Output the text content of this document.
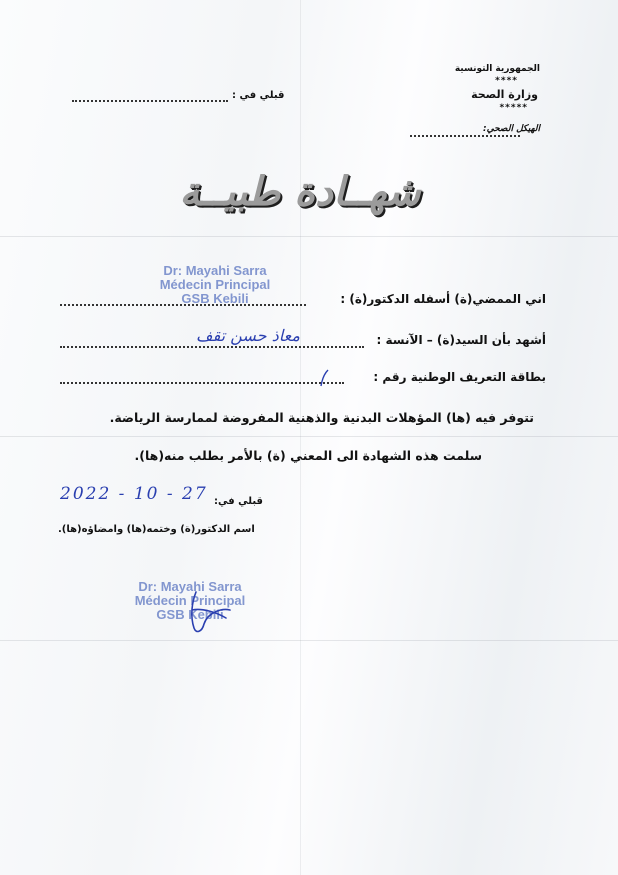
الجمهورية التونسية
****
وزارة الصحة
*****
الهيكل الصحي:
قبلي في :
شهــادة طبيــة
Dr: Mayahi Sarra
Médecin Principal
GSB Kebili	اني الممضي(ة) أسفله الدكتور(ة) :
أشهد بأن السيد(ة) – الآنسة :
معاذ حسن تقف
بطاقة التعريف الوطنية رقم :
تتوفر فيه (ها) المؤهلات البدنية والذهنية المفروضة لممارسة الرياضة.
سلمت هذه الشهادة الى المعني (ة) بالأمر بطلب منه(ها).
2022 - 10 - 27 قبلي في:
اسم الدكتور(ة) وختمه(ها) وامضاؤه(ها).
Dr: Mayahi Sarra
Médecin Principal
GSB Kebili
